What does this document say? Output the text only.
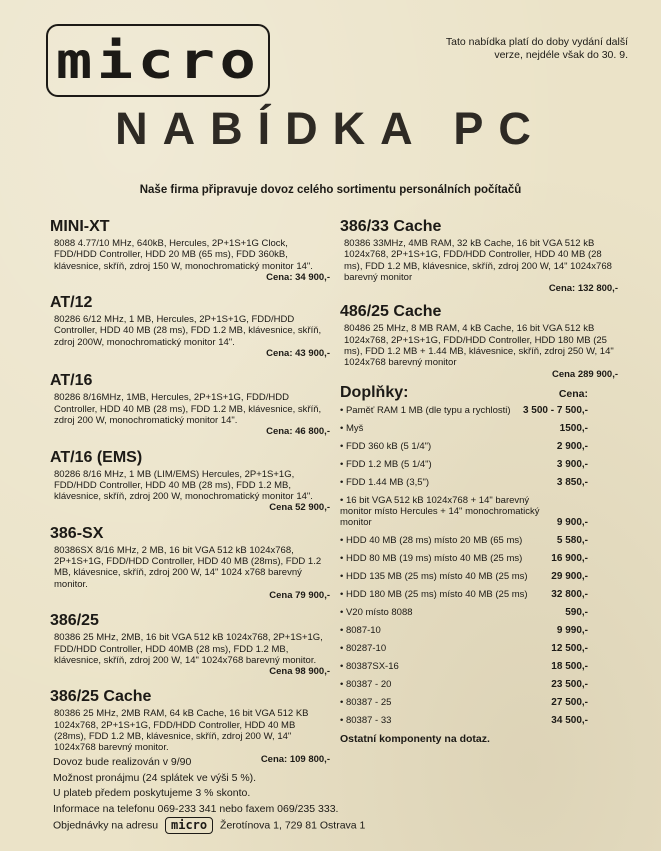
micro	Tato nabídka platí do doby vydání další verze, nejdéle však do 30. 9.
NABÍDKA PC
Naše firma připravuje dovoz celého sortimentu personálních počítačů
MINI-XT
8088 4.77/10 MHz, 640kB, Hercules, 2P+1S+1G Clock, FDD/HDD Controller, HDD 20 MB (65 ms), FDD 360kB, klávesnice, skříň, zdroj 150 W, monochromatický monitor 14".
Cena: 34 900,-
AT/12
80286 6/12 MHz, 1 MB, Hercules, 2P+1S+1G, FDD/HDD Controller, HDD 40 MB (28 ms), FDD 1.2 MB, klávesnice, skříň, zdroj 200W, monochromatický monitor 14".
Cena: 43 900,-
AT/16
80286 8/16MHz, 1MB, Hercules, 2P+1S+1G, FDD/HDD Controller, HDD 40 MB (28 ms), FDD 1.2 MB, klávesnice, skříň, zdroj 200 W, monochromatický monitor 14".
Cena: 46 800,-
AT/16 (EMS)
80286 8/16 MHz, 1 MB (LIM/EMS) Hercules, 2P+1S+1G, FDD/HDD Controller, HDD 40 MB (28 ms), FDD 1.2 MB, klávesnice, skříň, zdroj 200 W, monochromatický monitor 14".
Cena 52 900,-
386-SX
80386SX 8/16 MHz, 2 MB, 16 bit VGA 512 kB 1024x768, 2P+1S+1G, FDD/HDD Controller, HDD 40 MB (28ms), FDD 1.2 MB, klávesnice, skříň, zdroj 200 W, 14" 1024 x768 barevný monitor.
Cena 79 900,-
386/25
80386 25 MHz, 2MB, 16 bit VGA 512 kB 1024x768, 2P+1S+1G, FDD/HDD Controller, HDD 40MB (28 ms), FDD 1.2 MB, klávesnice, skříň, zdroj 200 W, 14" 1024x768 barevný monitor.
Cena 98 900,-
386/25 Cache
80386 25 MHz, 2MB RAM, 64 kB Cache, 16 bit VGA 512 KB 1024x768, 2P+1S+1G, FDD/HDD Controller, HDD 40 MB (28ms), FDD 1.2 MB, klávesnice, skříň, zdroj 200 W, 14" 1024x768 barevný monitor.
Cena: 109 800,-
386/33 Cache
80386 33MHz, 4MB RAM, 32 kB Cache, 16 bit VGA 512 kB 1024x768, 2P+1S+1G, FDD/HDD Controller, HDD 40 MB (28 ms), FDD 1.2 MB, klávesnice, skříň, zdroj 200 W, 14" 1024x768 barevný monitor
Cena: 132 800,-
486/25 Cache
80486 25 MHz, 8 MB RAM, 4 kB Cache, 16 bit VGA 512 kB 1024x768, 2P+1S+1G, FDD/HDD Controller, HDD 180 MB (25 ms), FDD 1.2 MB + 1.44 MB, klávesnice, skříň, zdroj 250 W, 14" 1024x768 barevný monitor
Cena 289 900,-
Doplňky:	Cena:
• Paměť RAM 1 MB (dle typu a rychlosti)	3 500 - 7 500,-
• Myš	1500,-
• FDD 360 kB (5 1/4")	2 900,-
• FDD 1.2 MB (5 1/4")	3 900,-
• FDD 1.44 MB (3,5")	3 850,-
• 16 bit VGA 512 kB 1024x768 + 14" barevný monitor místo Hercules + 14" monochromatický monitor	9 900,-
• HDD 40 MB (28 ms) místo 20 MB (65 ms)	5 580,-
• HDD 80 MB (19 ms) místo 40 MB (25 ms)	16 900,-
• HDD 135 MB (25 ms) místo 40 MB (25 ms)	29 900,-
• HDD 180 MB (25 ms) místo 40 MB (25 ms)	32 800,-
• V20 místo 8088	590,-
• 8087-10	9 990,-
• 80287-10	12 500,-
• 80387SX-16	18 500,-
• 80387 - 20	23 500,-
• 80387 - 25	27 500,-
• 80387 - 33	34 500,-
Ostatní komponenty na dotaz.
Dovoz bude realizován v 9/90
Možnost pronájmu (24 splátek ve výši 5 %).
U plateb předem poskytujeme 3 % skonto.
Informace na telefonu 069-233 341 nebo faxem 069/235 333.
Objednávky na adresu micro Žerotínova 1, 729 81 Ostrava 1
